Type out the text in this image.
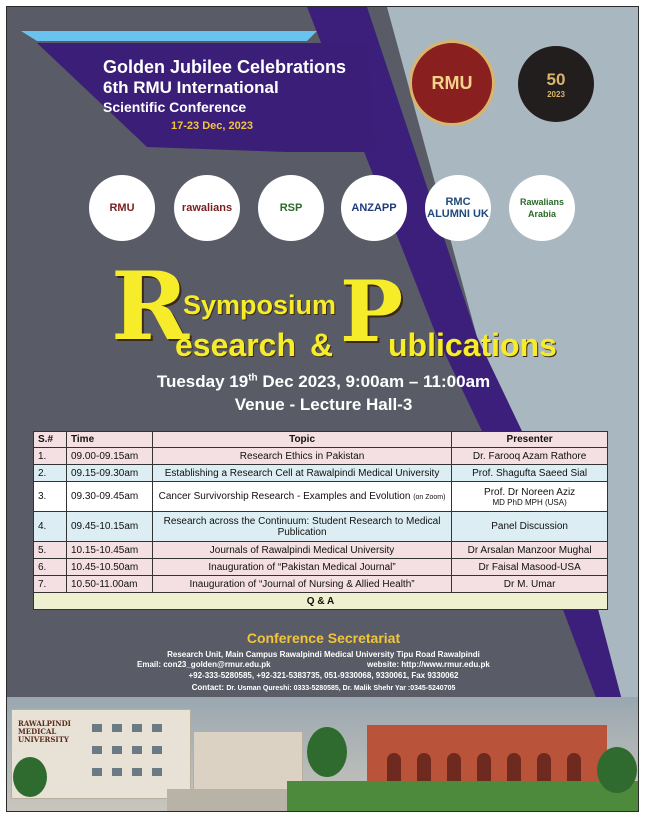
Golden Jubilee Celebrations
6th RMU International
Scientific Conference
17-23 Dec, 2023
RMU	50
2023
RMU	rawalians	RSP	ANZAPP	RMC ALUMNI UK
Rawalians Arabia
R
Symposium
esearch & P
ublications
Tuesday 19th Dec 2023, 9:00am – 11:00am
Venue - Lecture Hall-3
S.#	Time	Topic	Presenter
1.	09.00-09.15am	Research Ethics in Pakistan	Dr. Farooq Azam Rathore
2.	09.15-09.30am	Establishing a Research Cell at Rawalpindi Medical University	Prof. Shagufta Saeed Sial
3.	09.30-09.45am	Cancer Survivorship Research - Examples and Evolution (on Zoom)	Prof. Dr Noreen Aziz
MD PhD MPH (USA)

4.	09.45-10.15am	Research across the Continuum: Student Research to Medical Publication	Panel Discussion
5.	10.15-10.45am	Journals of Rawalpindi Medical University	Dr Arsalan Manzoor Mughal
6.	10.45-10.50am	Inauguration of “Pakistan Medical Journal”	Dr Faisal Masood-USA
7.	10.50-11.00am	Inauguration of “Journal of Nursing & Allied Health”	Dr M. Umar
Q & A			
Conference Secretariat
Research Unit, Main Campus Rawalpindi Medical University Tipu Road Rawalpindi
Email: con23_golden@rmur.edu.pk	website: http://www.rmur.edu.pk
+92-333-5280585, +92-321-5383735, 051-9330068, 9330061, Fax 9330062
Contact: Dr. Usman Qureshi: 0333-5280585, Dr. Malik Shehr Yar :0345-5240705
RAWALPINDI
MEDICAL
UNIVERSITY
